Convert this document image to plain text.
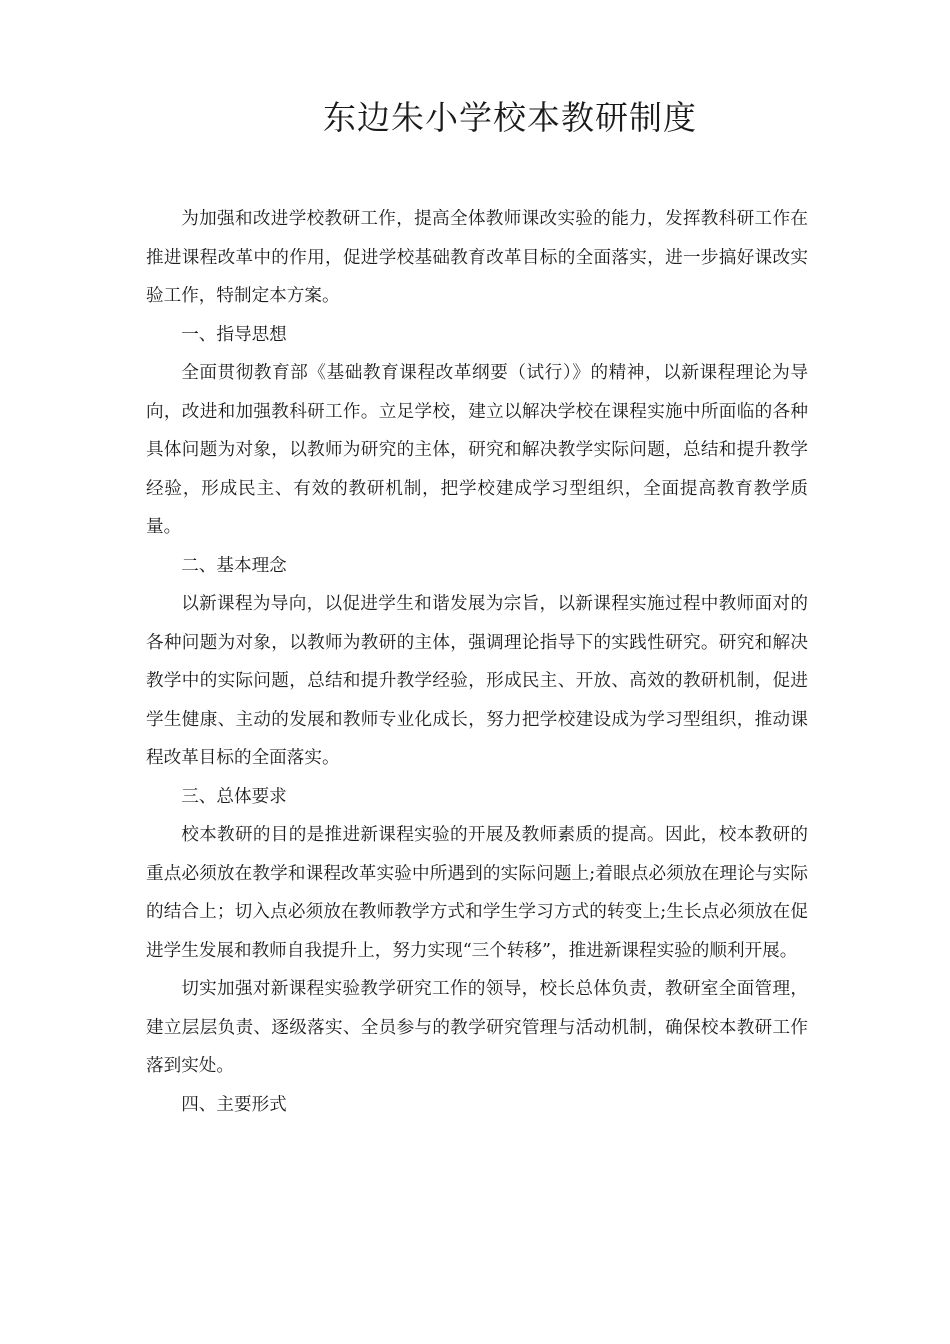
东边朱小学校本教研制度

为加强和改进学校教研工作，提高全体教师课改实验的能力，发挥教科研工作在推进课程改革中的作用，促进学校基础教育改革目标的全面落实，进一步搞好课改实验工作，特制定本方案。

一、指导思想

全面贯彻教育部《基础教育课程改革纲要（试行）》的精神，以新课程理论为导向，改进和加强教科研工作。立足学校，建立以解决学校在课程实施中所面临的各种具体问题为对象，以教师为研究的主体，研究和解决教学实际问题，总结和提升教学经验，形成民主、有效的教研机制，把学校建成学习型组织，全面提高教育教学质量。

二、基本理念

以新课程为导向，以促进学生和谐发展为宗旨，以新课程实施过程中教师面对的各种问题为对象，以教师为教研的主体，强调理论指导下的实践性研究。研究和解决教学中的实际问题，总结和提升教学经验，形成民主、开放、高效的教研机制，促进学生健康、主动的发展和教师专业化成长，努力把学校建设成为学习型组织，推动课程改革目标的全面落实。

三、总体要求

校本教研的目的是推进新课程实验的开展及教师素质的提高。因此，校本教研的重点必须放在教学和课程改革实验中所遇到的实际问题上;着眼点必须放在理论与实际的结合上；切入点必须放在教师教学方式和学生学习方式的转变上;生长点必须放在促进学生发展和教师自我提升上，努力实现“三个转移”，推进新课程实验的顺利开展。

切实加强对新课程实验教学研究工作的领导，校长总体负责，教研室全面管理，建立层层负责、逐级落实、全员参与的教学研究管理与活动机制，确保校本教研工作落到实处。

四、主要形式
